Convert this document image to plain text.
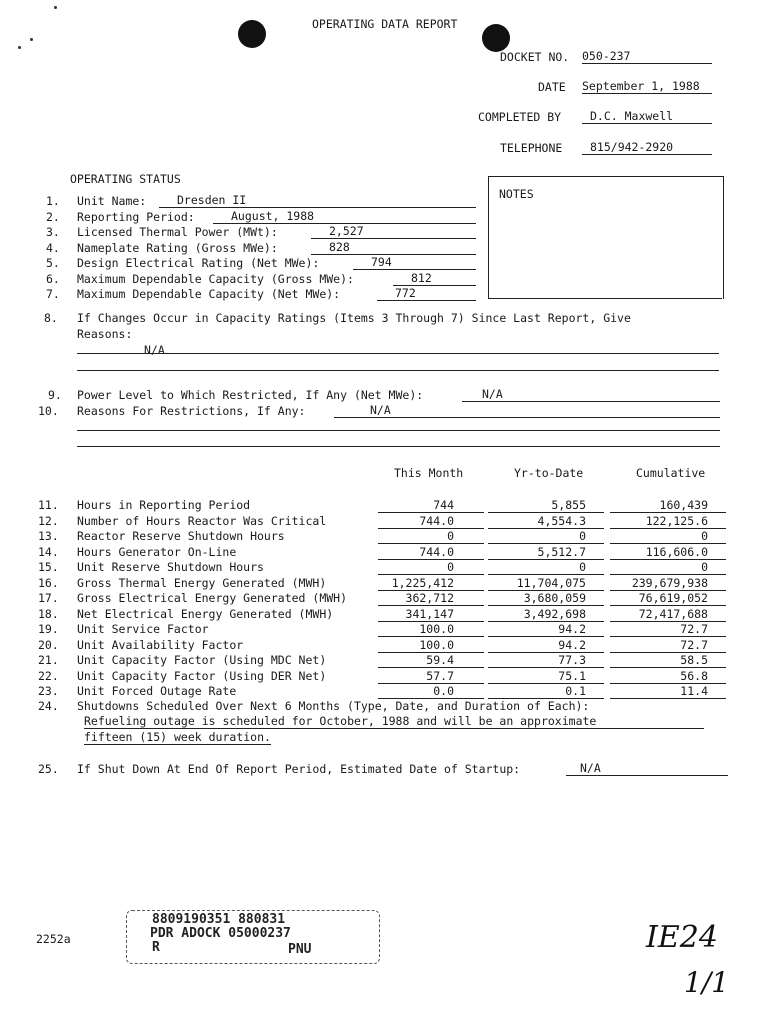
OPERATING DATA REPORT
DOCKET NO. 050-237
DATE September 1, 1988
COMPLETED BY	D.C. Maxwell
TELEPHONE	815/942-2920
OPERATING STATUS
NOTES
1. Unit Name:	Dresden II
2. Reporting Period:	August, 1988
3. Licensed Thermal Power (MWt):	2,527
4. Nameplate Rating (Gross MWe):	828
5. Design Electrical Rating (Net MWe):	794
6. Maximum Dependable Capacity (Gross MWe):	812
7. Maximum Dependable Capacity (Net MWe):	772
8. If Changes Occur in Capacity Ratings (Items 3 Through 7) Since Last Report, Give
Reasons:
N/A
9. Power Level to Which Restricted, If Any (Net MWe):	N/A
10. Reasons For Restrictions, If Any:	N/A
This Month	Yr-to-Date	Cumulative
11. Hours in Reporting Period	744	5,855	160,439
12. Number of Hours Reactor Was Critical	744.0	4,554.3	122,125.6
13. Reactor Reserve Shutdown Hours	0	0	0
14. Hours Generator On-Line	744.0	5,512.7	116,606.0
15. Unit Reserve Shutdown Hours	0	0	0
16. Gross Thermal Energy Generated (MWH)	1,225,412	11,704,075	239,679,938
17. Gross Electrical Energy Generated (MWH)	362,712	3,680,059	76,619,052
18. Net Electrical Energy Generated (MWH)	341,147	3,492,698	72,417,688
19. Unit Service Factor	100.0	94.2	72.7
20. Unit Availability Factor	100.0	94.2	72.7
21. Unit Capacity Factor (Using MDC Net)	59.4	77.3	58.5
22. Unit Capacity Factor (Using DER Net)	57.7	75.1	56.8
23. Unit Forced Outage Rate	0.0	0.1	11.4
24. Shutdowns Scheduled Over Next 6 Months (Type, Date, and Duration of Each):
Refueling outage is scheduled for October, 1988 and will be an approximate
fifteen (15) week duration.
25. If Shut Down At End Of Report Period, Estimated Date of Startup:	N/A
2252a
8809190351 880831
PDR ADOCK 05000237
R	PNU	IE24
1/1
